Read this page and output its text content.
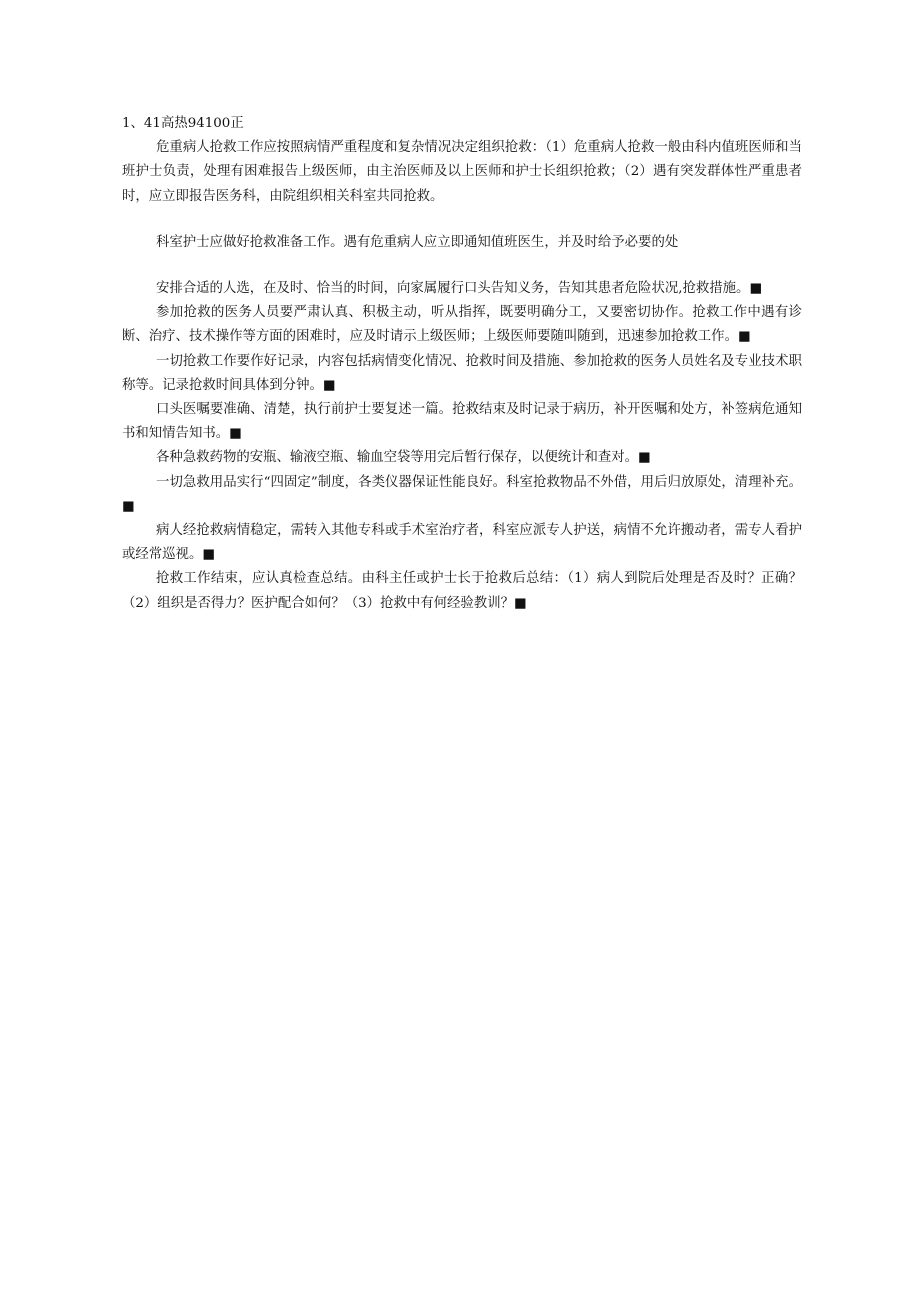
1、41高热94100正

危重病人抢救工作应按照病情严重程度和复杂情况决定组织抢救：（1）危重病人抢救一般由科内值班医师和当班护士负责，处理有困难报告上级医师，由主治医师及以上医师和护士长组织抢救；（2）遇有突发群体性严重患者时，应立即报告医务科，由院组织相关科室共同抢救。

科室护士应做好抢救准备工作。遇有危重病人应立即通知值班医生，并及时给予必要的处

安排合适的人选，在及时、恰当的时间，向家属履行口头告知义务，告知其患者危险状况,抢救措施。■

参加抢救的医务人员要严肃认真、积极主动，听从指挥，既要明确分工，又要密切协作。抢救工作中遇有诊断、治疗、技术操作等方面的困难时，应及时请示上级医师；上级医师要随叫随到，迅速参加抢救工作。■

一切抢救工作要作好记录，内容包括病情变化情况、抢救时间及措施、参加抢救的医务人员姓名及专业技术职称等。记录抢救时间具体到分钟。■

口头医嘱要准确、清楚，执行前护士要复述一篇。抢救结束及时记录于病历，补开医嘱和处方，补签病危通知书和知情告知书。■

各种急救药物的安瓶、输液空瓶、输血空袋等用完后暂行保存，以便统计和查对。■

一切急救用品实行“四固定”制度，各类仪器保证性能良好。科室抢救物品不外借，用后归放原处，清理补充。■

病人经抢救病情稳定，需转入其他专科或手术室治疗者，科室应派专人护送，病情不允许搬动者，需专人看护或经常巡视。■

抢救工作结束，应认真检查总结。由科主任或护士长于抢救后总结：（1）病人到院后处理是否及时？正确？（2）组织是否得力？医护配合如何？（3）抢救中有何经验教训？■
